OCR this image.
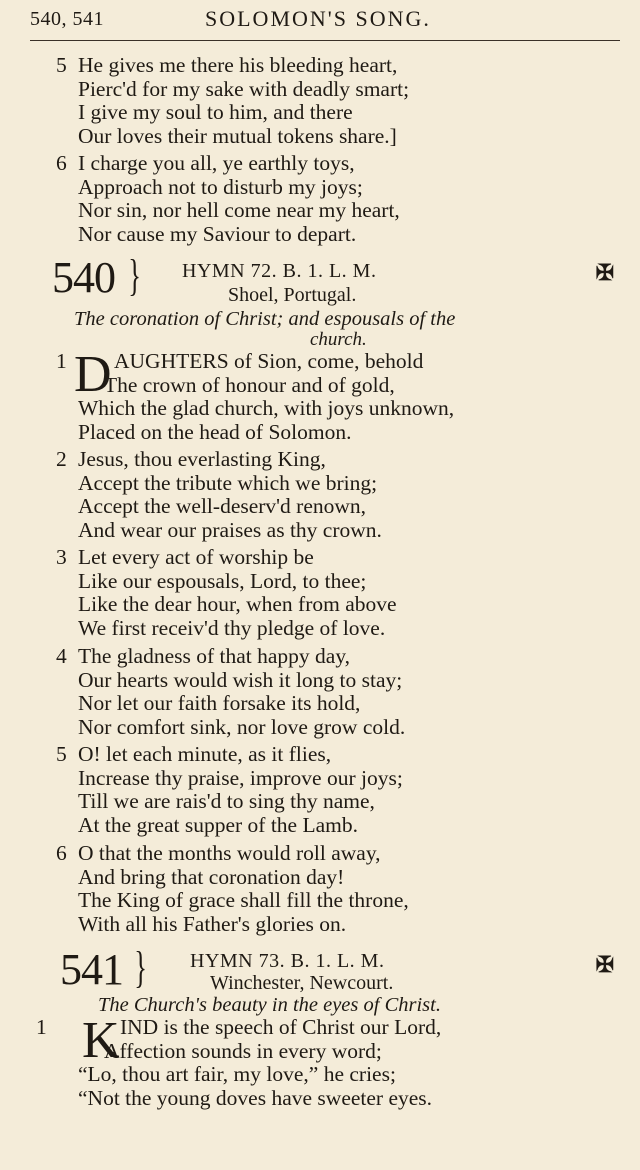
540, 541	SOLOMON'S SONG.
5 He gives me there his bleeding heart,
Pierc'd for my sake with deadly smart;
I give my soul to him, and there
Our loves their mutual tokens share.]
6 I charge you all, ye earthly toys,
Approach not to disturb my joys;
Nor sin, nor hell come near my heart,
Nor cause my Saviour to depart.
540 } HYMN 72. B. 1. L. M.
Shoel, Portugal.
✠
The coronation of Christ; and espousals of the
church.
1 D AUGHTERS of Sion, come, behold
The crown of honour and of gold,
Which the glad church, with joys unknown,
Placed on the head of Solomon.
2 Jesus, thou everlasting King,
Accept the tribute which we bring;
Accept the well-deserv'd renown,
And wear our praises as thy crown.
3 Let every act of worship be
Like our espousals, Lord, to thee;
Like the dear hour, when from above
We first receiv'd thy pledge of love.
4 The gladness of that happy day,
Our hearts would wish it long to stay;
Nor let our faith forsake its hold,
Nor comfort sink, nor love grow cold.
5 O! let each minute, as it flies,
Increase thy praise, improve our joys;
Till we are rais'd to sing thy name,
At the great supper of the Lamb.
6 O that the months would roll away,
And bring that coronation day!
The King of grace shall fill the throne,
With all his Father's glories on.
541 } HYMN 73. B. 1. L. M.
Winchester, Newcourt.
✠
The Church's beauty in the eyes of Christ.
1 K IND is the speech of Christ our Lord,
Affection sounds in every word;
“Lo, thou art fair, my love,” he cries;
“Not the young doves have sweeter eyes.
